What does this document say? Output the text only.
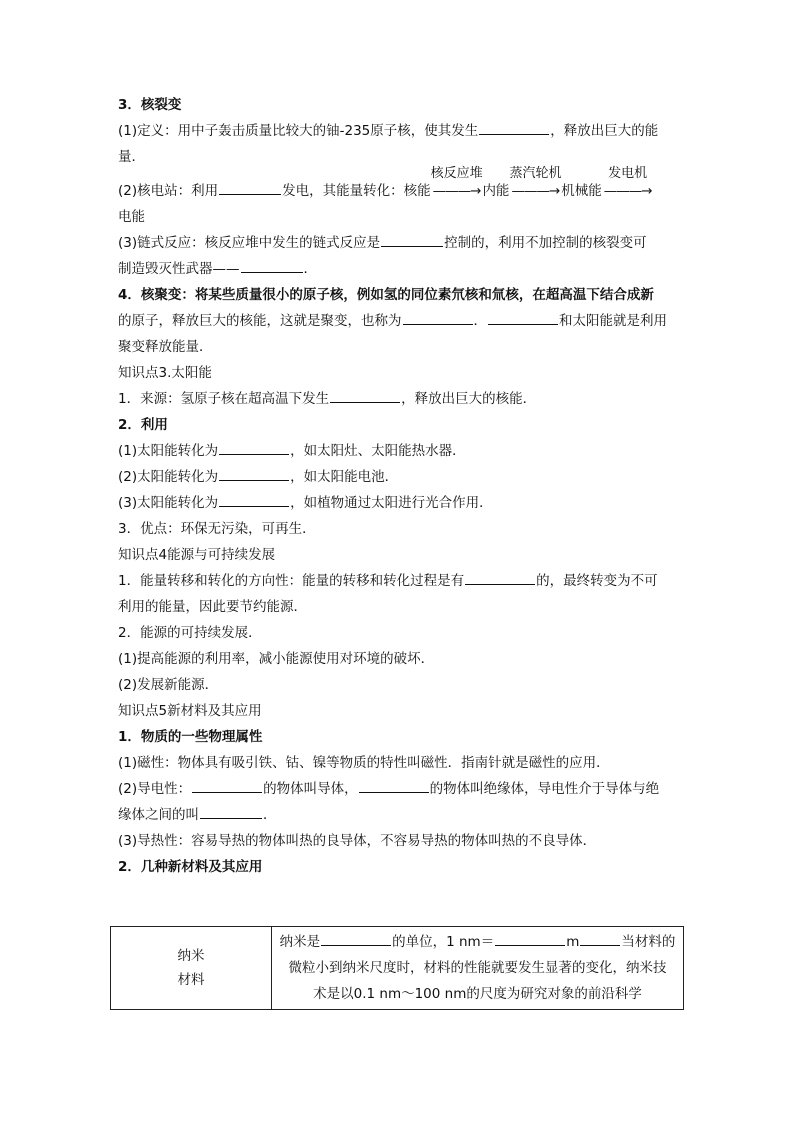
3．核裂变
(1)定义：用中子轰击质量比较大的铀-235原子核，使其发生	，释放出巨大的能
量．
(2)核电站：利用	发电，其能量转化：核能
核反应堆
———→ 内能
蒸汽轮机
———→ 机械能
发电机
———→
电能
(3)链式反应：核反应堆中发生的链式反应是	控制的，利用不加控制的核裂变可
制造毁灭性武器——	．
4．核聚变：将某些质量很小的原子核，例如氢的同位素氘核和氚核，在超高温下结合成新
的原子，释放巨大的核能，这就是聚变，也称为	．	和太阳能就是利用
聚变释放能量．
知识点3.太阳能
1．来源：氢原子核在超高温下发生	，释放出巨大的核能．
2．利用
(1)太阳能转化为	，如太阳灶、太阳能热水器．
(2)太阳能转化为	，如太阳能电池．
(3)太阳能转化为	，如植物通过太阳进行光合作用．
3．优点：环保无污染，可再生．
知识点4能源与可持续发展
1．能量转移和转化的方向性：能量的转移和转化过程是有	的，最终转变为不可
利用的能量，因此要节约能源．
2．能源的可持续发展．
(1)提高能源的利用率，减小能源使用对环境的破坏．
(2)发展新能源．
知识点5新材料及其应用
1．物质的一些物理属性
(1)磁性：物体具有吸引铁、钴、镍等物质的特性叫磁性．指南针就是磁性的应用．
(2)导电性：	的物体叫导体，	的物体叫绝缘体，导电性介于导体与绝
缘体之间的叫	．
(3)导热性：容易导热的物体叫热的良导体，不容易导热的物体叫热的不良导体．
2．几种新材料及其应用
纳米
材料

纳米是	的单位，1 nm＝	m	当材料的
微粒小到纳米尺度时，材料的性能就要发生显著的变化，纳米技
术是以0.1 nm～100 nm的尺度为研究对象的前沿科学
